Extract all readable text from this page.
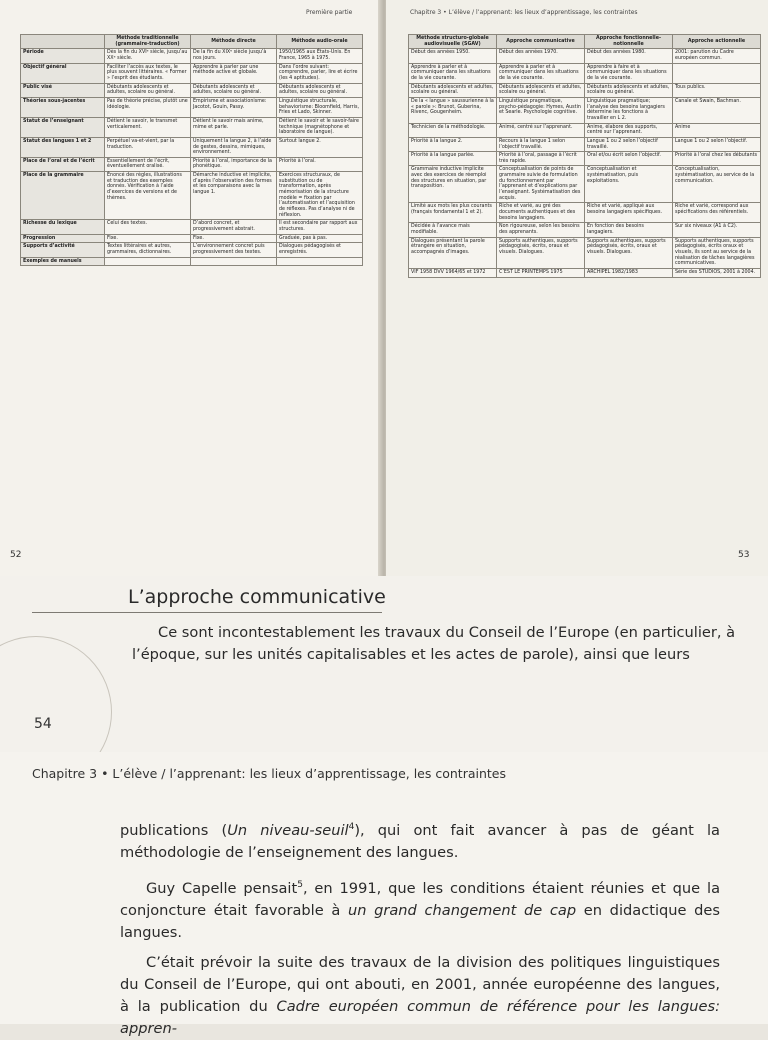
Première partie
	Méthode traditionnelle (grammaire-traduction)	Méthode directe	Méthode audio-orale
Période	Dès la fin du XVIᵉ siècle, jusqu’au XXᵉ siècle.	De la fin du XIXᵉ siècle jusqu’à nos jours.	1950/1965 aux États-Unis. En France, 1965 à 1975.
Objectif général	Faciliter l’accès aux textes, le plus souvent littéraires. « Former » l’esprit des étudiants.	Apprendre à parler par une méthode active et globale.	Dans l’ordre suivant: comprendre, parler, lire et écrire (les 4 aptitudes).
Public visé	Débutants adolescents et adultes, scolaire ou général.	Débutants adolescents et adultes, scolaire ou général.	Débutants adolescents et adultes, scolaire ou général.
Théories sous-jacentes	Pas de théorie précise, plutôt une idéologie.	Empirisme et associationisme: Jacotot, Gouin, Passy.	Linguistique structurale, behaviorisme: Bloomfield, Harris, Fries et Lado, Skinner.
Statut de l’enseignant	Détient le savoir, le transmet verticalement.	Détient le savoir mais anime, mime et parle.	Détient le savoir et le savoir-faire technique (magnétophone et laboratoire de langue).
Statut des langues 1 et 2	Perpétuel va-et-vient, par la traduction.	Uniquement la langue 2, à l’aide de gestes, dessins, mimiques, environnement.	Surtout langue 2.
Place de l’oral et de l’écrit	Essentiellement de l’écrit, éventuellement oralisé.	Priorité à l’oral, importance de la phonétique.	Priorité à l’oral.
Place de la grammaire	Énoncé des règles, illustrations et traduction des exemples donnés. Vérification à l’aide d’exercices de versions et de thèmes.	Démarche inductive et implicite, d’après l’observation des formes et les comparaisons avec la langue 1.	Exercices structuraux, de substitution ou de transformation, après mémorisation de la structure modèle = fixation par l’automatisation et l’acquisition de réflexes. Pas d’analyse ni de réflexion.
Richesse du lexique	Celui des textes.	D’abord concret, et progressivement abstrait.	Il est secondaire par rapport aux structures.
Progression	Fixe.	Fixe.	Graduée, pas à pas.
Supports d’activité	Textes littéraires et autres, grammaires, dictionnaires.	L’environnement concret puis progressivement des textes.	Dialogues pédagogisés et enregistrés.
Exemples de manuels			
52
Chapitre 3 • L’élève / l’apprenant: les lieux d’apprentissage, les contraintes
Méthode structuro-globale audiovisuelle (SGAV)	Approche communicative	Approche fonctionnelle-notionnelle	Approche actionnelle
Début des années 1950.	Début des années 1970.	Début des années 1980.	2001: parution du Cadre européen commun.
Apprendre à parler et à communiquer dans les situations de la vie courante.	Apprendre à parler et à communiquer dans les situations de la vie courante.	Apprendre à faire et à communiquer dans les situations de la vie courante.	
Débutants adolescents et adultes, scolaire ou général.	Débutants adolescents et adultes, scolaire ou général.	Débutants adolescents et adultes, scolaire ou général.	Tous publics.
De la « langue » saussurienne à la « parole »: Brunot, Guberina, Rivenc, Gougenheim.	Linguistique pragmatique, psycho-pédagogie: Hymes, Austin et Searle. Psychologie cognitive.	Linguistique pragmatique; l’analyse des besoins langagiers détermine les fonctions à travailler en L 2.	Canale et Swain, Bachman.
Technicien de la méthodologie.	Animé, centré sur l’apprenant.	Anime, élabore des supports, centré sur l’apprenant.	Anime
Priorité à la langue 2.	Recours à la langue 1 selon l’objectif travaillé.	Langue 1 ou 2 selon l’objectif travaillé.	Langue 1 ou 2 selon l’objectif.
Priorité à la langue parlée.	Priorité à l’oral, passage à l’écrit très rapide.	Oral et/ou écrit selon l’objectif.	Priorité à l’oral chez les débutants
Grammaire inductive implicite avec des exercices de réemploi des structures en situation, par transposition.	Conceptualisation de points de grammaire suivie de formulation du fonctionnement par l’apprenant et d’explications par l’enseignant. Systématisation des acquis.	Conceptualisation et systématisation, puis exploitations.	Conceptualisation, systématisation, au service de la communication.
Limité aux mots les plus courants (français fondamental 1 et 2).	Riche et varié, au gré des documents authentiques et des besoins langagiers.	Riche et varié, appliqué aux besoins langagiers spécifiques.	Riche et varié, correspond aux spécifications des référentiels.
Décidée à l’avance mais modifiable.	Non rigoureuse, selon les besoins des apprenants.	En fonction des besoins langagiers.	Sur six niveaux (A1 à C2).
Dialogues présentant la parole étrangère en situation, accompagnés d’images.	Supports authentiques, supports pédagogisés, écrits, oraux et visuels. Dialogues.	Supports authentiques, supports pédagogisés, écrits, oraux et visuels. Dialogues.	Supports authentiques, supports pédagogisés, écrits oraux et visuels, ils sont au service de la réalisation de tâches langagières communicatives.
VIF 1958 DVV 1964/65 et 1972	C’EST LE PRINTEMPS 1975	ARCHIPEL 1982/1983	Série des STUDIOS, 2001 à 2004.
53
L’approche communicative

Ce sont incontestablement les travaux du Conseil de l’Europe (en particulier, à l’époque, sur les unités capitalisables et les actes de parole), ainsi que leurs

54
Chapitre 3 • L’élève / l’apprenant: les lieux d’apprentissage, les contraintes

publications (Un niveau-seuil$^4$), qui ont fait avancer à pas de géant la méthodologie de l’enseignement des langues.

Guy Capelle pensait$^5$, en 1991, que les conditions étaient réunies et que la conjoncture était favorable à un grand changement de cap en didactique des langues.

C’était prévoir la suite des travaux de la division des politiques linguistiques du Conseil de l’Europe, qui ont abouti, en 2001, année européenne des langues, à la publication du Cadre européen commun de référence pour les langues: appren-
